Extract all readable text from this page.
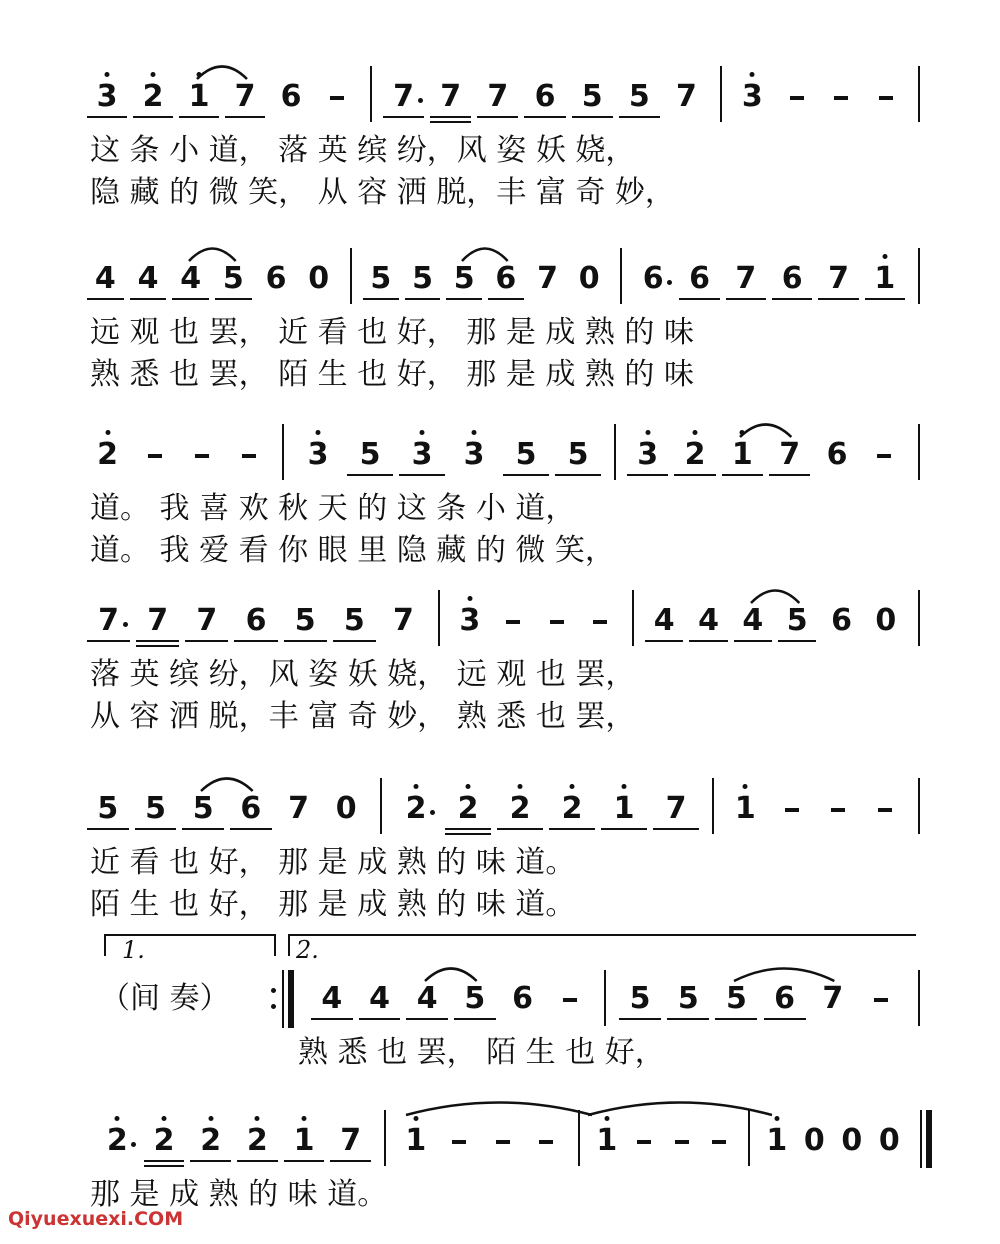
3 2 1 7 6	7 7 7 6 5 5 7 3
这 条 小 道， 落 英 缤 纷，风 姿 妖 娆，
隐 藏 的 微 笑， 从 容 洒 脱，丰 富 奇 妙，
4 4 4 5 6 0 5 5 5 6 7 0 6 6 7 6 7 1
远 观 也 罢， 近 看 也 好， 那 是 成 熟 的 味
熟 悉 也 罢， 陌 生 也 好， 那 是 成 熟 的 味
2	3 5 3 3 5 5 3 2 1 7 6
道。 我 喜 欢 秋 天 的 这 条 小 道，
道。 我 爱 看 你 眼 里 隐 藏 的 微 笑，
7 7 7 6 5 5 7 3	4 4 4 5 6 0
落 英 缤 纷，风 姿 妖 娆， 远 观 也 罢，
从 容 洒 脱，丰 富 奇 妙， 熟 悉 也 罢，
5 5 5 6 7 0 2 2 2 2 1 7 1
近 看 也 好， 那 是 成 熟 的 味 道。
陌 生 也 好， 那 是 成 熟 的 味 道。
1.	2.
（间 奏）	4 4 4 5 6	5 5 5 6 7
熟 悉 也 罢， 陌 生 也 好，
2 2 2 2 1 7 1	1	1 0 0 0
那 是 成 熟 的 味 道。
Qiyuexuexi.COM
